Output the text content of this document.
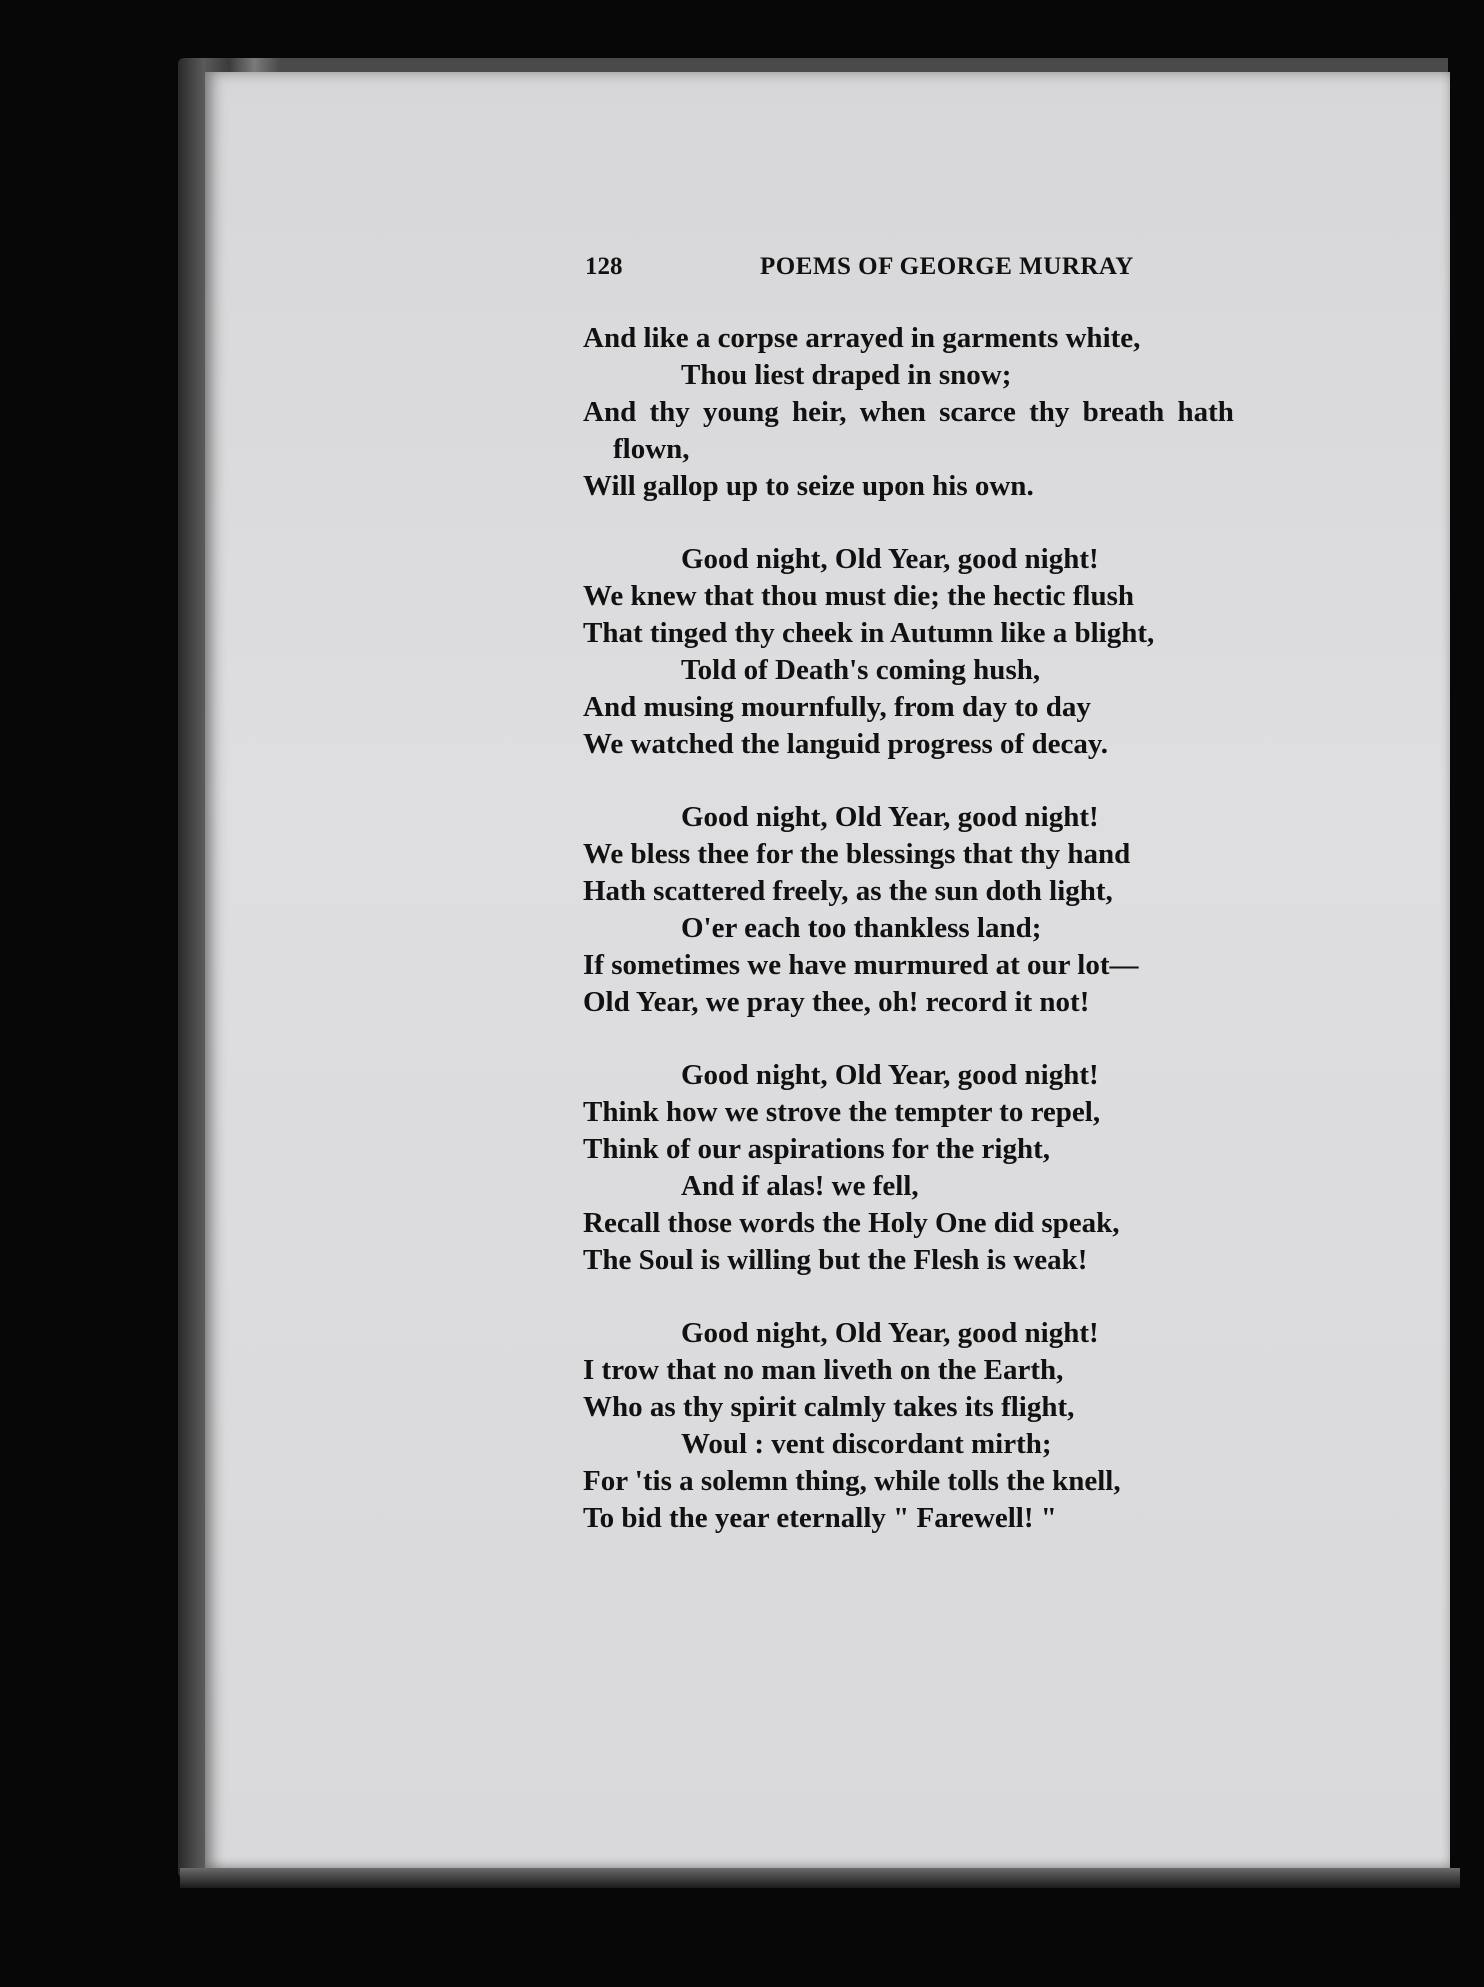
128	POEMS OF GEORGE MURRAY
And like a corpse arrayed in garments white,
Thou liest draped in snow;
And thy young heir, when scarce thy breath hath
flown,
Will gallop up to seize upon his own.
Good night, Old Year, good night!
We knew that thou must die; the hectic flush
That tinged thy cheek in Autumn like a blight,
Told of Death's coming hush,
And musing mournfully, from day to day
We watched the languid progress of decay.
Good night, Old Year, good night!
We bless thee for the blessings that thy hand
Hath scattered freely, as the sun doth light,
O'er each too thankless land;
If sometimes we have murmured at our lot—
Old Year, we pray thee, oh! record it not!
Good night, Old Year, good night!
Think how we strove the tempter to repel,
Think of our aspirations for the right,
And if alas! we fell,
Recall those words the Holy One did speak,
The Soul is willing but the Flesh is weak!
Good night, Old Year, good night!
I trow that no man liveth on the Earth,
Who as thy spirit calmly takes its flight,
Woul : vent discordant mirth;
For 'tis a solemn thing, while tolls the knell,
To bid the year eternally " Farewell! "
